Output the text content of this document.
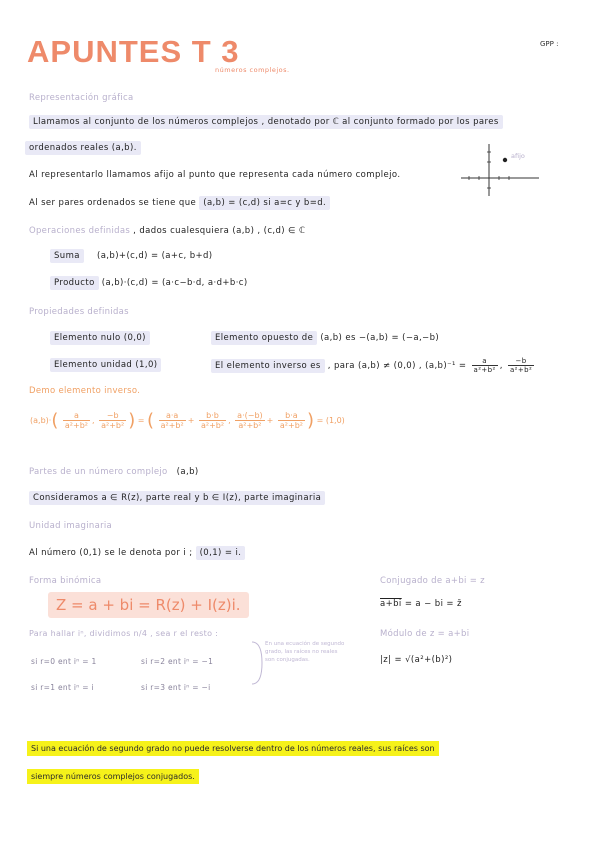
APUNTES T 3
números complejos.
GPP :
Representación gráfica
Llamamos al conjunto de los números complejos , denotado por ℂ al conjunto formado por los pares
ordenados reales (a,b).
Al representarlo llamamos afijo al punto que representa cada número complejo.
Al ser pares ordenados se tiene que (a,b) = (c,d) si a=c y b=d.
afijo
Operaciones definidas , dados cualesquiera (a,b) , (c,d) ∈ ℂ
Suma (a,b)+(c,d) = (a+c, b+d)
Producto (a,b)·(c,d) = (a·c−b·d, a·d+b·c)
Propiedades definidas
Elemento nulo (0,0)	Elemento opuesto de (a,b) es −(a,b) = (−a,−b)
Elemento unidad (1,0)	El elemento inverso es , para (a,b) ≠ (0,0) , $(a,b)^{-1} = \frac{a}{\text{a²+b²}}$ , $\frac{-b}{\text{a²+b²}}$
Demo elemento inverso.
$(a,b)\cdot( \frac{a}{\text{a²+b²}}$ , $\frac{-b}{\text{a²+b²}}$ ) = ( $\frac{a\cdot a}{\text{a²+b²}} + \frac{b\cdot b}{\text{a²+b²}}$ , $\frac{a\cdot(-b)}{\text{a²+b²}} + \frac{b\cdot a}{\text{a²+b²}}$ ) = (1,0)
Partes de un número complejo (a,b)
Consideramos a ∈ R(z), parte real y b ∈ I(z), parte imaginaria
Unidad imaginaria
Al número (0,1) se le denota por i ; (0,1) = i.
Forma binómica
Z = a + bi = R(z) + I(z)i.
Para hallar iⁿ, dividimos n/4 , sea r el resto :
si r=0 ent iⁿ = 1	si r=2 ent iⁿ = −1
si r=1 ent iⁿ = i	si r=3 ent iⁿ = −i
En una ecuación de segundo grado, las raíces no reales son conjugadas.
Conjugado de a+bi = z
a+bi = a − bi = z̄
Módulo de z = a+bi
|z| = √(a²+(b)²)
Si una ecuación de segundo grado no puede resolverse dentro de los números reales, sus raíces son
siempre números complejos conjugados.
